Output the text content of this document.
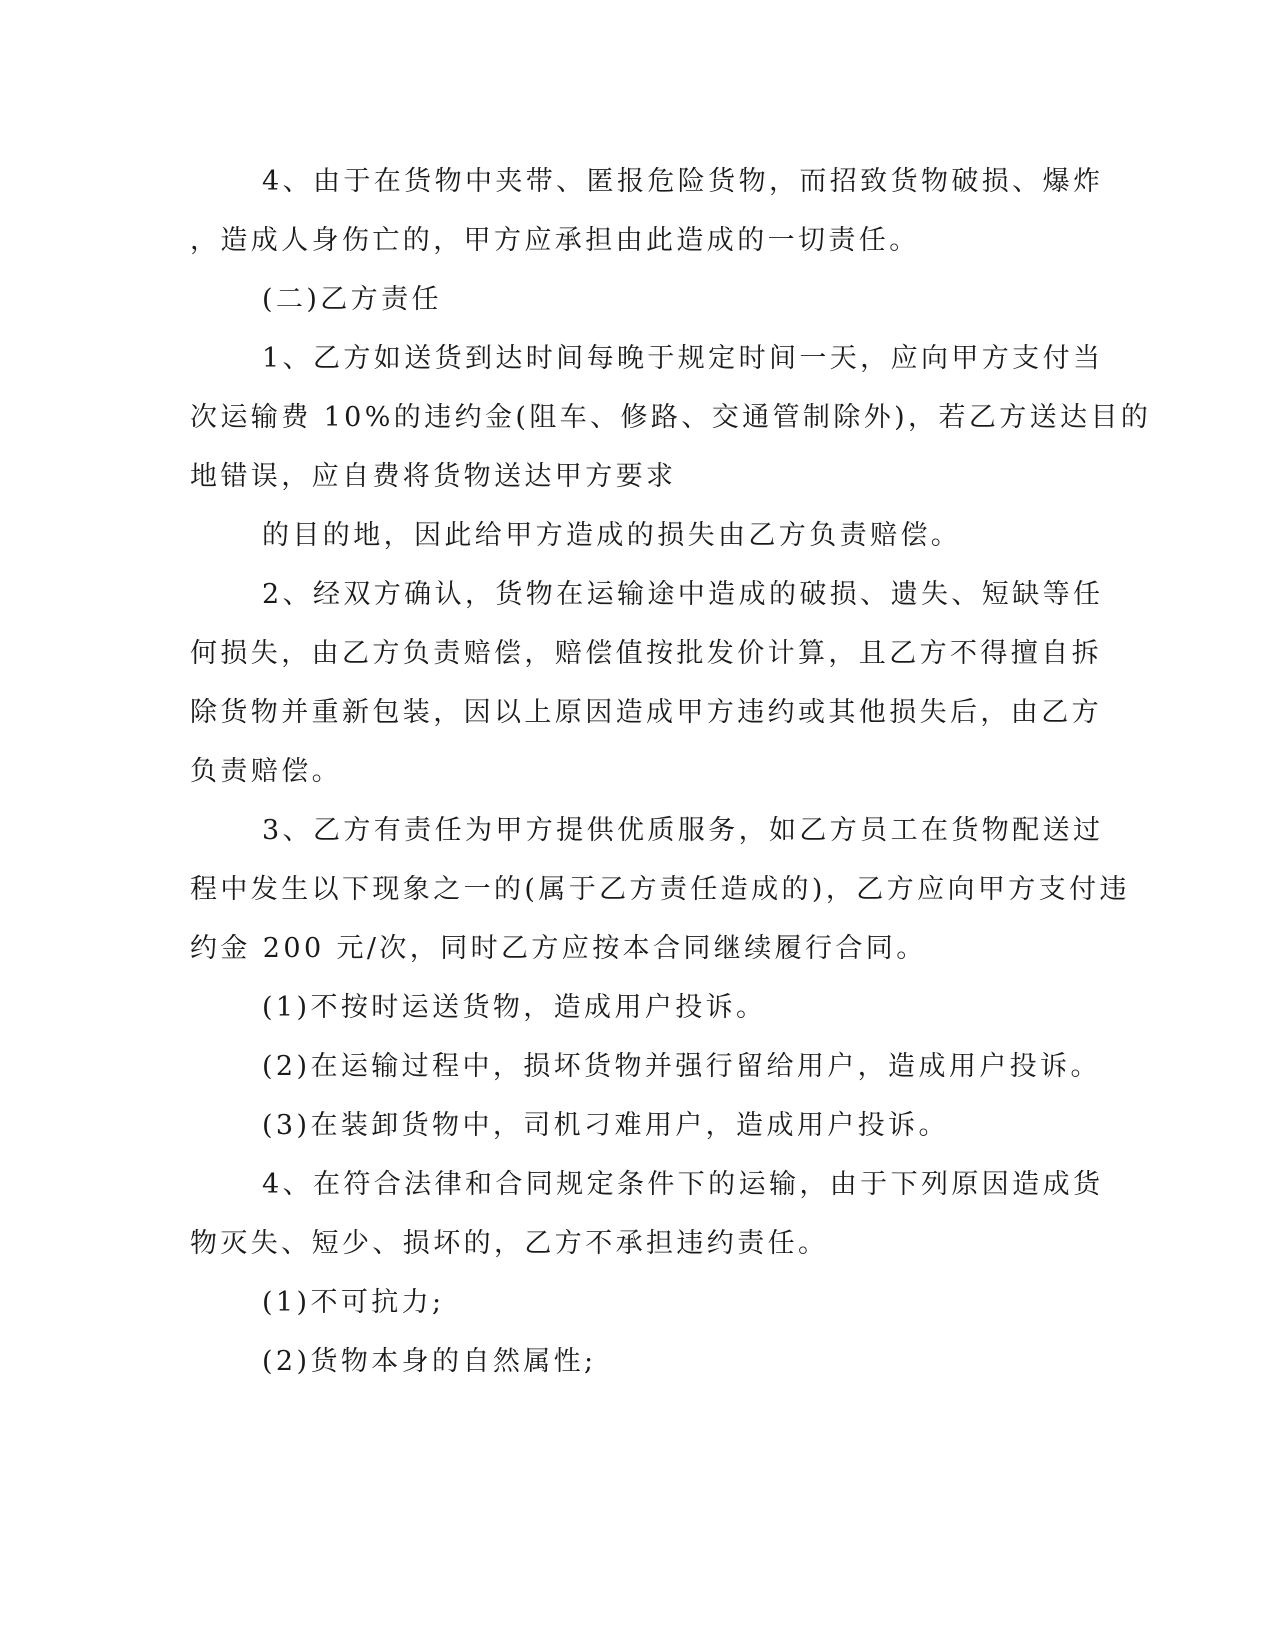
4、由于在货物中夹带、匿报危险货物，而招致货物破损、爆炸
，造成人身伤亡的，甲方应承担由此造成的一切责任。
(二)乙方责任
1、乙方如送货到达时间每晚于规定时间一天，应向甲方支付当
次运输费 10%的违约金(阻车、修路、交通管制除外)，若乙方送达目的
地错误，应自费将货物送达甲方要求
的目的地，因此给甲方造成的损失由乙方负责赔偿。
2、经双方确认，货物在运输途中造成的破损、遗失、短缺等任
何损失，由乙方负责赔偿，赔偿值按批发价计算，且乙方不得擅自拆
除货物并重新包装，因以上原因造成甲方违约或其他损失后，由乙方
负责赔偿。
3、乙方有责任为甲方提供优质服务，如乙方员工在货物配送过
程中发生以下现象之一的(属于乙方责任造成的)，乙方应向甲方支付违
约金 200 元/次，同时乙方应按本合同继续履行合同。
(1)不按时运送货物，造成用户投诉。
(2)在运输过程中，损坏货物并强行留给用户，造成用户投诉。
(3)在装卸货物中，司机刁难用户，造成用户投诉。
4、在符合法律和合同规定条件下的运输，由于下列原因造成货
物灭失、短少、损坏的，乙方不承担违约责任。
(1)不可抗力;
(2)货物本身的自然属性;
